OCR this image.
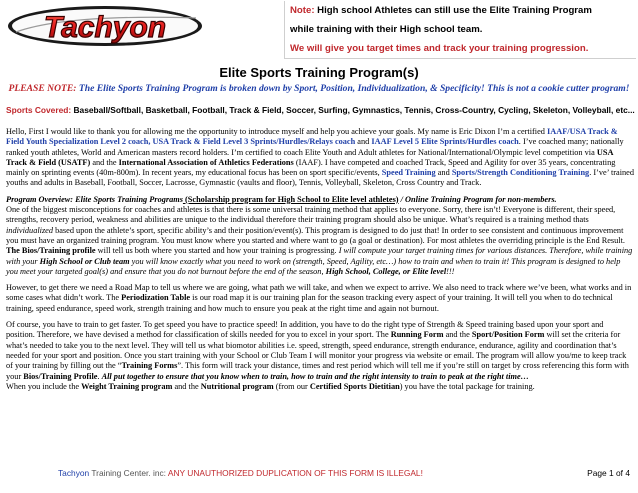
Tachyon
Note: High school Athletes can still use the Elite Training Program
while training with their High school team.
We will give you target times and track your training progression.
Elite Sports Training Program(s)
PLEASE NOTE: The Elite Sports Training Program is broken down by Sport, Position, Individualization, & Specificity! This is not a cookie cutter program!
Sports Covered: Baseball/Softball, Basketball, Football, Track & Field, Soccer, Surfing, Gymnastics, Tennis, Cross-Country, Cycling, Skeleton, Volleyball, etc...

Hello, First I would like to thank you for allowing me the opportunity to introduce myself and help you achieve your goals. My name is Eric Dixon I’m a certified IAAF/USA Track & Field Youth Specialization Level 2 coach, USA Track & Field Level 3 Sprints/Hurdles/Relays coach and IAAF Level 5 Elite Sprints/Hurdles coach. I’ve coached many; nationally ranked youth athletes, World and American masters record holders. I’m certified to coach Elite Youth and Adult athletes for National/International/Olympic level competition via USA Track & Field (USATF) and the International Association of Athletics Federations (IAAF). I have competed and coached Track, Speed and Agility for over 35 years, concentrating mainly on sprinting events (40m-800m). In recent years, my educational focus has been on sport specific/events, Speed Training and Sports/Strength Conditioning Training. I’ve’ trained youths and adults in Baseball, Football, Soccer, Lacrosse, Gymnastic (vaults and floor), Tennis, Volleyball, Skeleton, Cross Country and Track.

Program Overview: Elite Sports Training Programs (Scholarship program for High School to Elite level athletes) / Online Training Program for non-members.
One of the biggest misconceptions for coaches and athletes is that there is some universal training method that applies to everyone. Sorry, there isn’t! Everyone is different, their speed, strengths, recovery period, weakness and abilities are unique to the individual therefore their training program should also be unique. What’s required is a training method thats individualized based upon the athlete’s sport, specific ability’s and their position/event(s). This program is designed to do just that! In order to see consistent and continuous improvement you must have an organized training program. You must know where you started and where want to go (a goal or destination). For most athletes the overriding principle is the End Result.
The Bios/Training profile will tell us both where you started and how your training is progressing. I will compute your target training times for various distances. Therefore, while training with your High School or Club team you will know exactly what you need to work on (strength, Speed, Agility, etc…) how to train and when to train it! This program is designed to help you meet your targeted goal(s) and ensure that you do not burnout before the end of the season, High School, College, or Elite level!!!

However, to get there we need a Road Map to tell us where we are going, what path we will take, and when we expect to arrive. We also need to track where we’ve been, what works and in some cases what didn’t work. The Periodization Table is our road map it is our training plan for the season tracking every aspect of your training. It will tell you when to do technical training, speed endurance, speed work, strength training and how much to ensure you peak at the right time and again not burnout.

Of course, you have to train to get faster. To get speed you have to practice speed! In addition, you have to do the right type of Strength & Speed training based upon your sport and position. Therefore, we have devised a method for classification of skills needed for you to excel in your sport. The Running Form and the Sport/Position Form will set the criteria for what’s needed to take you to the next level. They will tell us what biomotor abilities i.e. speed, strength, speed endurance, strength endurance, endurance, agility and coordination that’s needed for your sport and position. Once you start training with your School or Club Team I will monitor your progress via website or email. The program will allow you/me to keep track of your training by filling out the “Training Forms”. This form will track your distance, times and rest period which will tell me if you’re still on target by cross referencing this form with your Bios/Training Profile. All put together to ensure that you know when to train, how to train and the right intensity to train to peak at the right time…
When you include the Weight Training program and the Nutritional program (from our Certified Sports Dietitian) you have the total package for training.

Tachyon Training Center. inc: ANY UNAUTHORIZED DUPLICATION OF THIS FORM IS ILLEGAL!	Page 1 of 4
